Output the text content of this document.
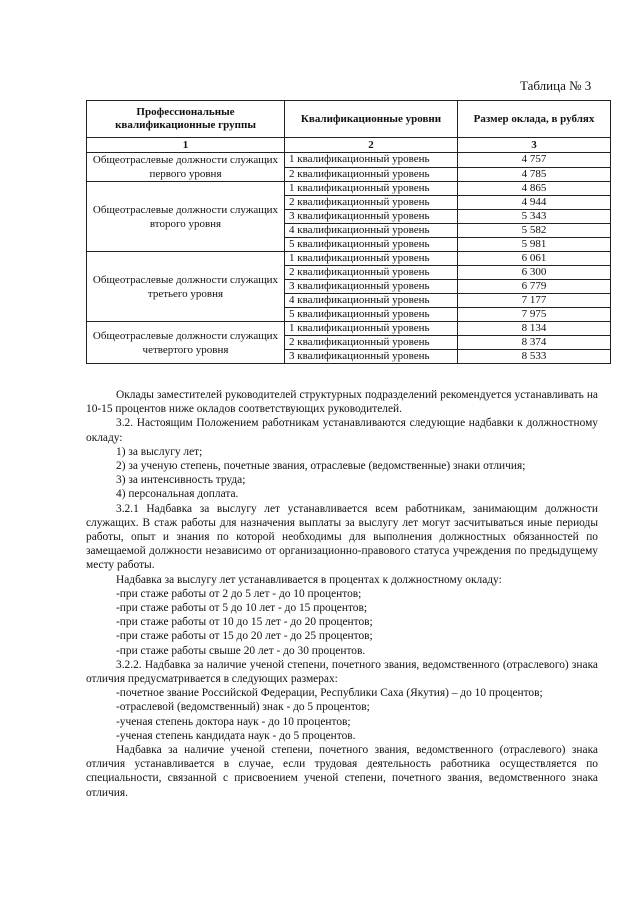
Таблица № 3
Профессиональные квалификационные группы	Квалификационные уровни	Размер оклада, в рублях
1	2	3
Общеотраслевые должности служащих первого уровня	1 квалификационный уровень	4 757
	2 квалификационный уровень	4 785
Общеотраслевые должности служащих второго уровня	1 квалификационный уровень	4 865
	2 квалификационный уровень	4 944
	3 квалификационный уровень	5 343
	4 квалификационный уровень	5 582
	5 квалификационный уровень	5 981
Общеотраслевые должности служащих третьего уровня	1 квалификационный уровень	6 061
	2 квалификационный уровень	6 300
	3 квалификационный уровень	6 779
	4 квалификационный уровень	7 177
	5 квалификационный уровень	7 975
Общеотраслевые должности служащих четвертого уровня	1 квалификационный уровень	8 134
	2 квалификационный уровень	8 374
	3 квалификационный уровень	8 533

Оклады заместителей руководителей структурных подразделений рекомендуется устанавливать на 10-15 процентов ниже окладов соответствующих руководителей.

3.2. Настоящим Положением работникам устанавливаются следующие надбавки к должностному окладу:

1) за выслугу лет;

2) за ученую степень, почетные звания, отраслевые (ведомственные) знаки отличия;

3) за интенсивность труда;

4) персональная доплата.

3.2.1 Надбавка за выслугу лет устанавливается всем работникам, занимающим должности служащих. В стаж работы для назначения выплаты за выслугу лет могут засчитываться иные периоды работы, опыт и знания по которой необходимы для выполнения должностных обязанностей по замещаемой должности независимо от организационно-правового статуса учреждения по предыдущему месту работы.

Надбавка за выслугу лет устанавливается в процентах к должностному окладу:

-при стаже работы от 2 до 5 лет - до 10 процентов;

-при стаже работы от 5 до 10 лет - до 15 процентов;

-при стаже работы от 10 до 15 лет - до 20 процентов;

-при стаже работы от 15 до 20 лет - до 25 процентов;

-при стаже работы свыше 20 лет - до 30 процентов.

3.2.2. Надбавка за наличие ученой степени, почетного звания, ведомственного (отраслевого) знака отличия предусматривается в следующих размерах:

-почетное звание Российской Федерации, Республики Саха (Якутия) – до 10 процентов;

-отраслевой (ведомственный) знак - до 5 процентов;

-ученая степень доктора наук - до 10 процентов;

-ученая степень кандидата наук - до 5 процентов.

Надбавка за наличие ученой степени, почетного звания, ведомственного (отраслевого) знака отличия устанавливается в случае, если трудовая деятельность работника осуществляется по специальности, связанной с присвоением ученой степени, почетного звания, ведомственного знака отличия.
